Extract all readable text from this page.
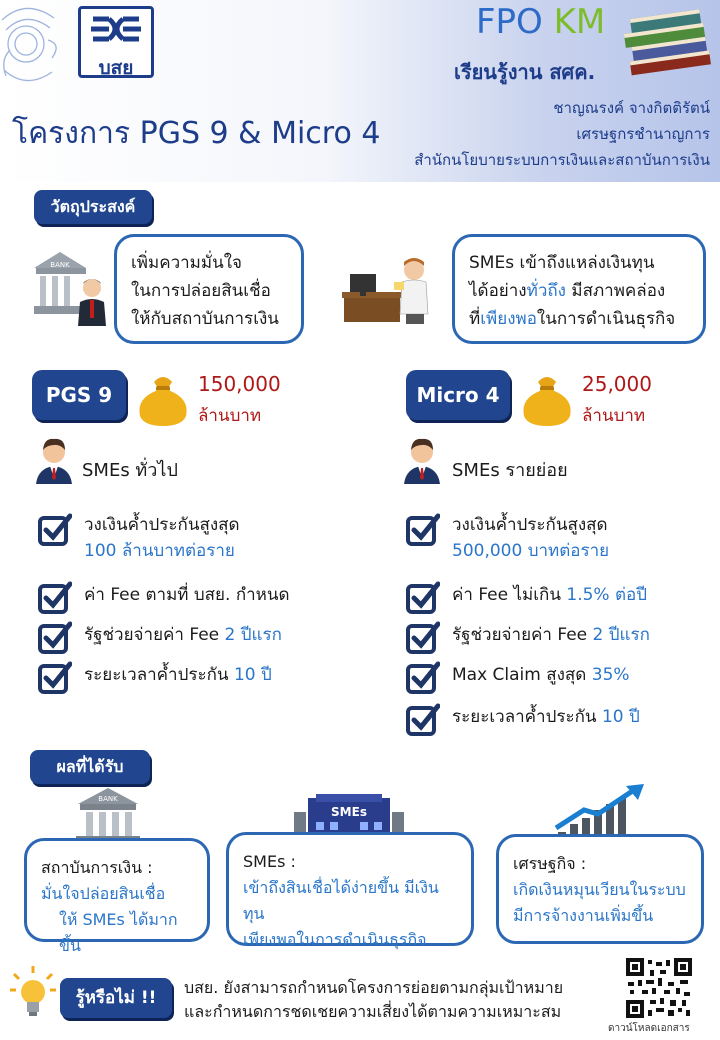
บสย
โครงการ PGS 9 & Micro 4
FPO KM
เรียนรู้งาน สศค.
ชาญณรงค์ จางกิตติรัตน์
เศรษฐกรชำนาญการ
สำนักนโยบายระบบการเงินและสถาบันการเงิน
วัตถุประสงค์
BANK	เพิ่มความมั่นใจ
ในการปล่อยสินเชื่อ
ให้กับสถาบันการเงิน
SMEs เข้าถึงแหล่งเงินทุน
ได้อย่างทั่วถึง มีสภาพคล่อง
ที่เพียงพอในการดำเนินธุรกิจ
PGS 9	150,000
ล้านบาท
SMEs ทั่วไป
วงเงินค้ำประกันสูงสุด
100 ล้านบาทต่อราย
ค่า Fee ตามที่ บสย. กำหนด
รัฐช่วยจ่ายค่า Fee 2 ปีแรก
ระยะเวลาค้ำประกัน 10 ปี
Micro 4	25,000
ล้านบาท
SMEs รายย่อย
วงเงินค้ำประกันสูงสุด
500,000 บาทต่อราย
ค่า Fee ไม่เกิน 1.5% ต่อปี
รัฐช่วยจ่ายค่า Fee 2 ปีแรก
Max Claim สูงสุด 35%
ระยะเวลาค้ำประกัน 10 ปี
ผลที่ได้รับ
BANK
SMEs
สถาบันการเงิน :
มั่นใจปล่อยสินเชื่อ
ให้ SMEs ได้มากขึ้น
SMEs :
เข้าถึงสินเชื่อได้ง่ายขึ้น มีเงินทุน
เพียงพอในการดำเนินธุรกิจ
เศรษฐกิจ :
เกิดเงินหมุนเวียนในระบบ
มีการจ้างงานเพิ่มขึ้น
รู้หรือไม่ !!
บสย. ยังสามารถกำหนดโครงการย่อยตามกลุ่มเป้าหมาย
และกำหนดการชดเชยความเสี่ยงได้ตามความเหมาะสม
ดาวน์โหลดเอกสาร
